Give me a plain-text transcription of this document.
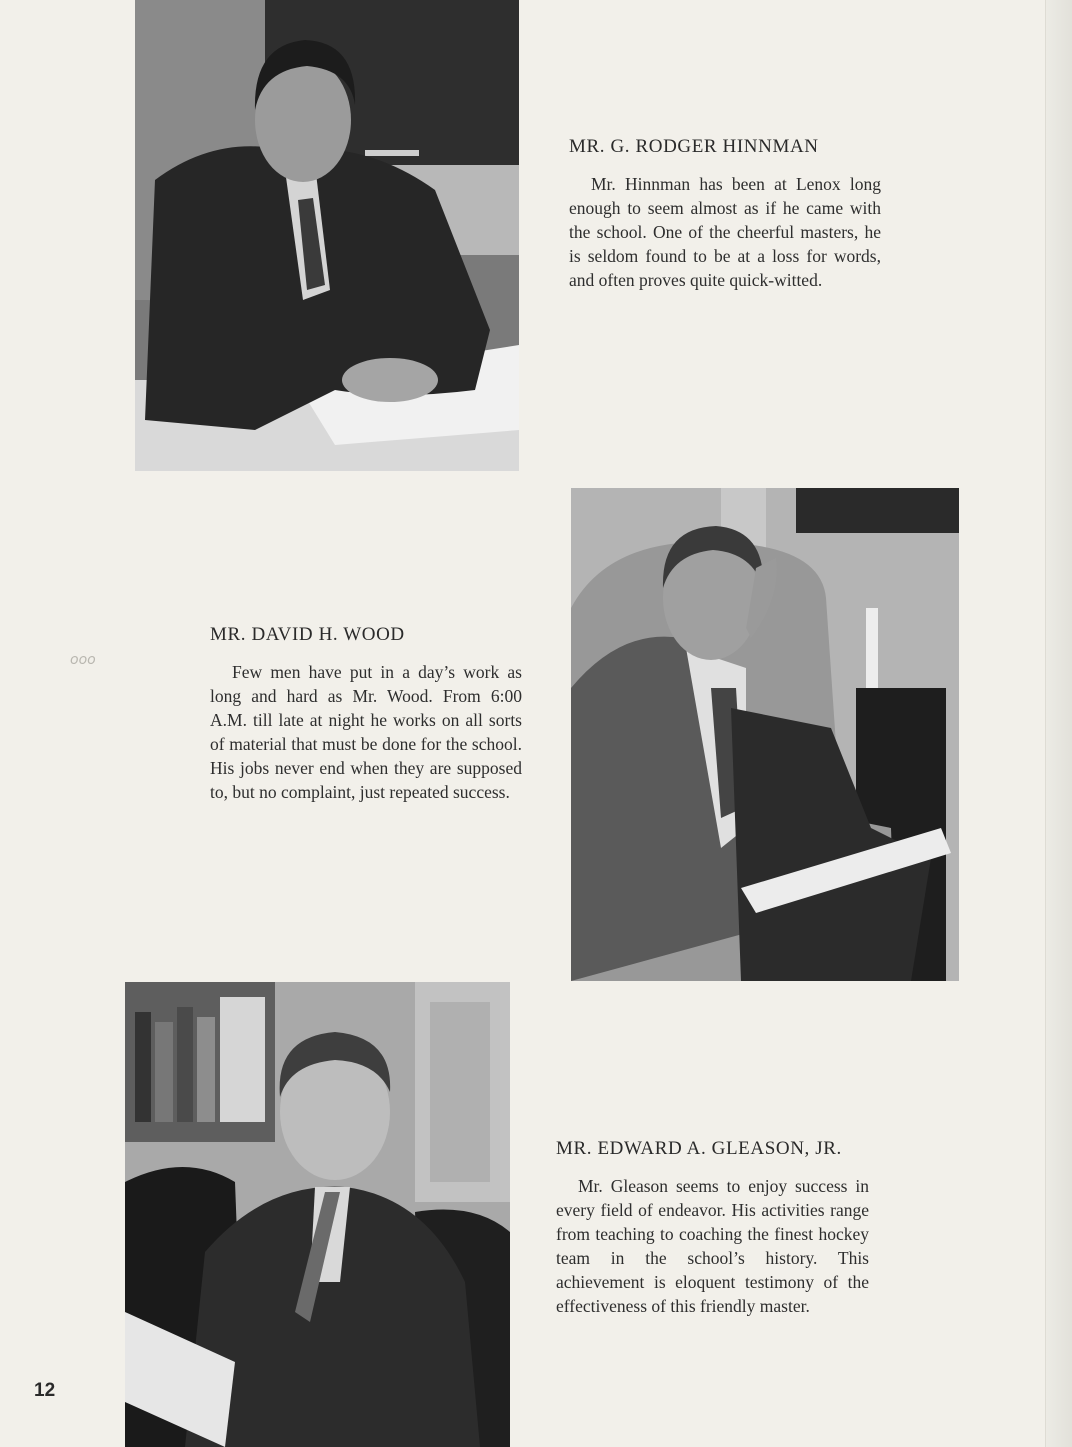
MR. G. RODGER HINNMAN

Mr. Hinnman has been at Lenox long enough to seem almost as if he came with the school. One of the cheerful masters, he is seldom found to be at a loss for words, and often proves quite quick-witted.

MR. DAVID H. WOOD

Few men have put in a day’s work as long and hard as Mr. Wood. From 6:00 A.M. till late at night he works on all sorts of material that must be done for the school. His jobs never end when they are supposed to, but no complaint, just repeated success.

MR. EDWARD A. GLEASON, JR.

Mr. Gleason seems to enjoy success in every field of endeavor. His activities range from teaching to coaching the finest hockey team in the school’s history. This achievement is eloquent testimony of the effectiveness of this friendly master.

ooo
12
